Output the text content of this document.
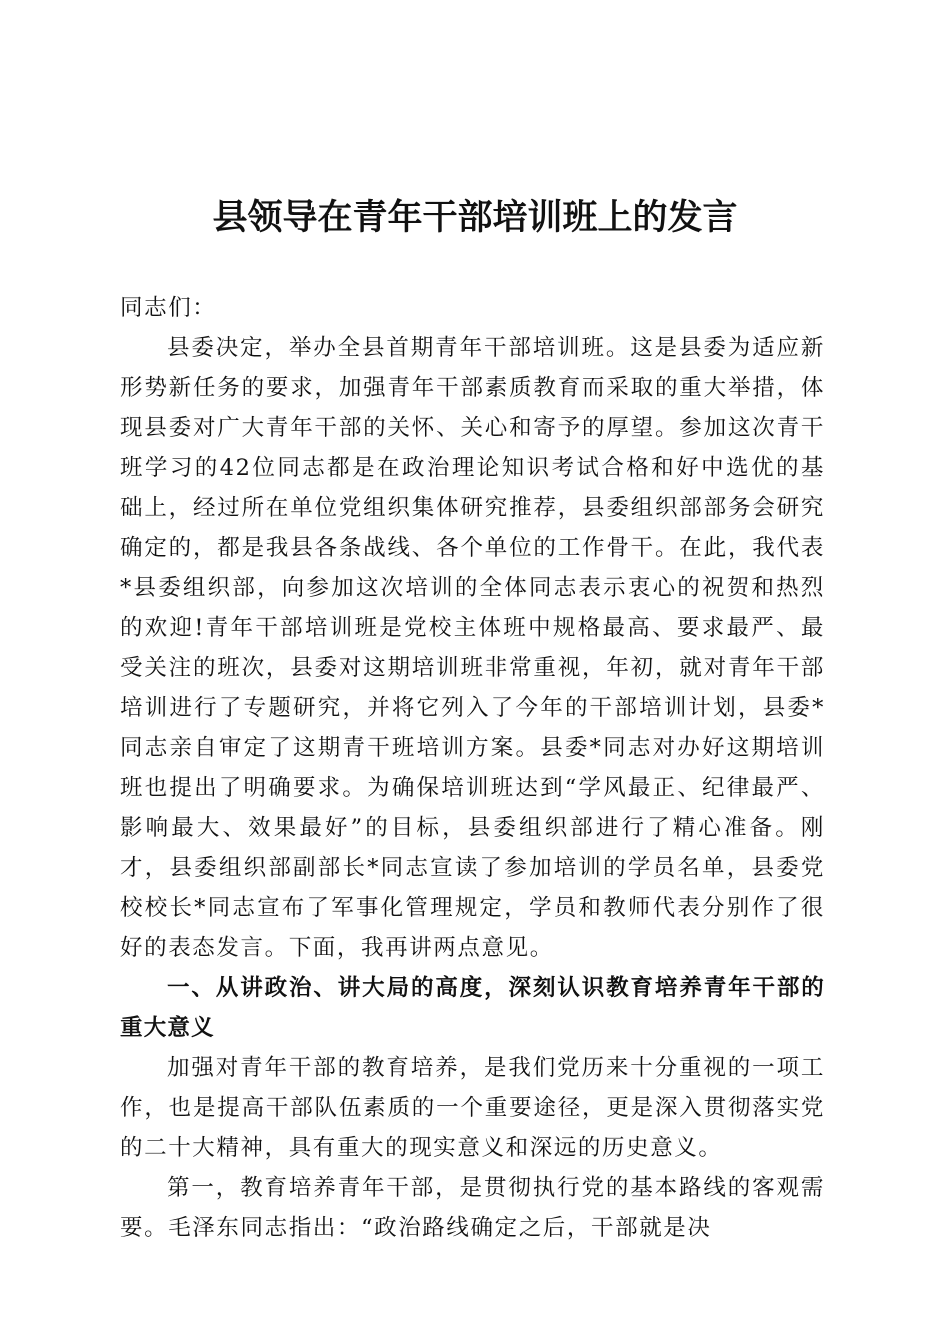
县领导在青年干部培训班上的发言

同志们：

县委决定，举办全县首期青年干部培训班。这是县委为适应新形势新任务的要求，加强青年干部素质教育而采取的重大举措，体现县委对广大青年干部的关怀、关心和寄予的厚望。参加这次青干班学习的42位同志都是在政治理论知识考试合格和好中选优的基础上，经过所在单位党组织集体研究推荐，县委组织部部务会研究确定的，都是我县各条战线、各个单位的工作骨干。在此，我代表*县委组织部，向参加这次培训的全体同志表示衷心的祝贺和热烈的欢迎!青年干部培训班是党校主体班中规格最高、要求最严、最受关注的班次，县委对这期培训班非常重视，年初，就对青年干部培训进行了专题研究，并将它列入了今年的干部培训计划，县委*同志亲自审定了这期青干班培训方案。县委*同志对办好这期培训班也提出了明确要求。为确保培训班达到“学风最正、纪律最严、影响最大、效果最好”的目标，县委组织部进行了精心准备。刚才，县委组织部副部长*同志宣读了参加培训的学员名单，县委党校校长*同志宣布了军事化管理规定，学员和教师代表分别作了很好的表态发言。下面，我再讲两点意见。

一、从讲政治、讲大局的高度，深刻认识教育培养青年干部的重大意义

加强对青年干部的教育培养，是我们党历来十分重视的一项工作，也是提高干部队伍素质的一个重要途径，更是深入贯彻落实党的二十大精神，具有重大的现实意义和深远的历史意义。

第一，教育培养青年干部，是贯彻执行党的基本路线的客观需要。毛泽东同志指出：“政治路线确定之后，干部就是决
